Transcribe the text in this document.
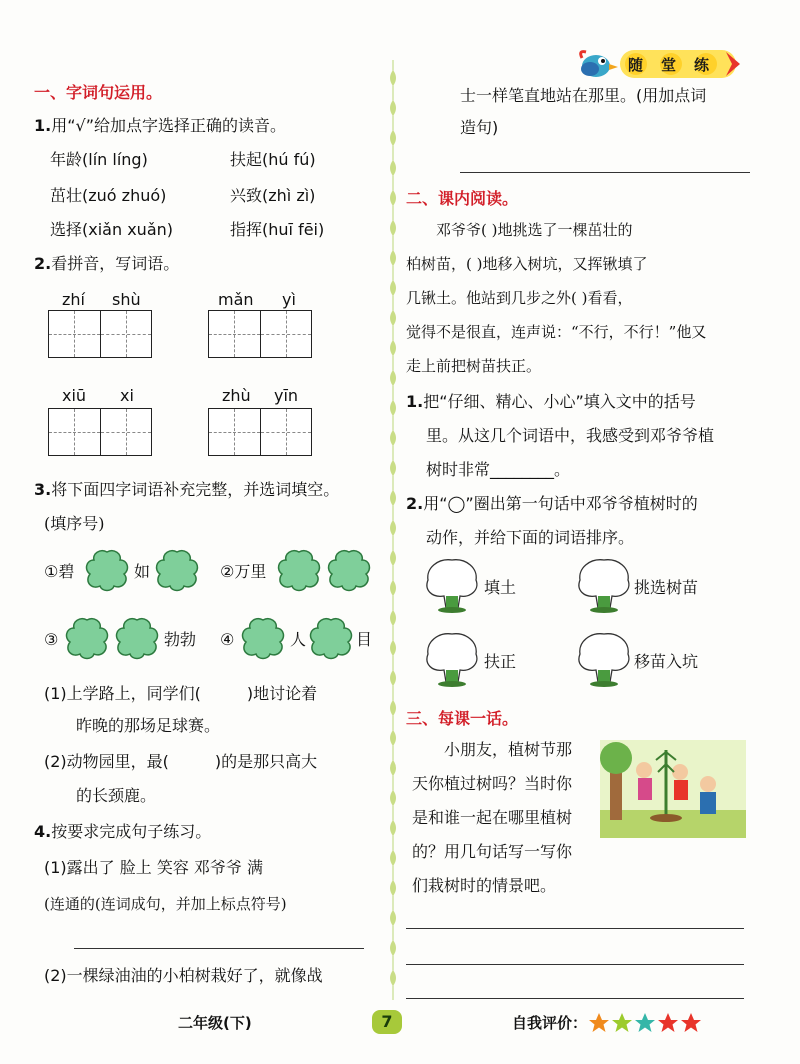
随堂练
一、字词句运用。
1.用“√”给加点字选择正确的读音。
年龄(lín líng)	扶起(hú fú)
茁壮(zuó zhuó)	兴致(zhì zì)
选择(xiǎn xuǎn)	指挥(huī fēi)
2.看拼音，写词语。
zhí shù	mǎn yì
xiū xi	zhù yīn
3.将下面四字词语补充完整，并选词填空。
(填序号)
①碧	如	②万里
③	勃勃 ④	人	目
(1)上学路上，同学们(	)地讨论着
昨晚的那场足球赛。
(2)动物园里，最(	)的是那只高大
的长颈鹿。
4.按要求完成句子练习。
(1)露出了 脸上 笑容 邓爷爷 满
(连通的(连词成句，并加上标点符号)
(2)一棵绿油油的小柏树栽好了，就像战
士一样笔直地站在那里。(用加点词
造句)
二、课内阅读。
邓爷爷( )地挑选了一棵茁壮的
柏树苗，( )地移入树坑，又挥锹填了
几锹土。他站到几步之外( )看看，
觉得不是很直，连声说：“不行，不行！”他又
走上前把树苗扶正。
1.把“仔细、精心、小心”填入文中的括号
里。从这几个词语中，我感受到邓爷爷植
树时非常________。
2.用“◯”圈出第一句话中邓爷爷植树时的
动作，并给下面的词语排序。
填土	挑选树苗
扶正	移苗入坑
三、每课一话。
小朋友，植树节那
天你植过树吗？当时你
是和谁一起在哪里植树
的？用几句话写一写你
们栽树时的情景吧。
二年级(下)	7	自我评价：
